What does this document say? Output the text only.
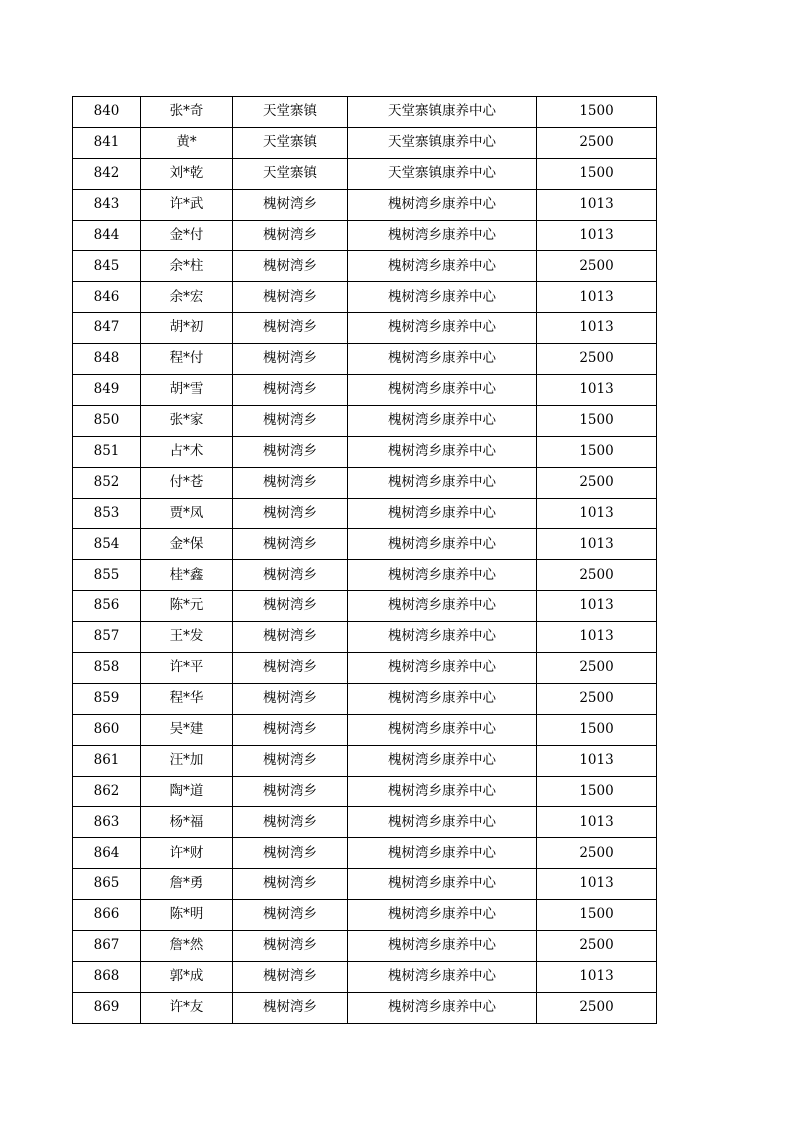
840	张*奇	天堂寨镇	天堂寨镇康养中心	1500
841	黄*	天堂寨镇	天堂寨镇康养中心	2500
842	刘*乾	天堂寨镇	天堂寨镇康养中心	1500
843	许*武	槐树湾乡	槐树湾乡康养中心	1013
844	金*付	槐树湾乡	槐树湾乡康养中心	1013
845	余*柱	槐树湾乡	槐树湾乡康养中心	2500
846	余*宏	槐树湾乡	槐树湾乡康养中心	1013
847	胡*初	槐树湾乡	槐树湾乡康养中心	1013
848	程*付	槐树湾乡	槐树湾乡康养中心	2500
849	胡*雪	槐树湾乡	槐树湾乡康养中心	1013
850	张*家	槐树湾乡	槐树湾乡康养中心	1500
851	占*术	槐树湾乡	槐树湾乡康养中心	1500
852	付*苍	槐树湾乡	槐树湾乡康养中心	2500
853	贾*凤	槐树湾乡	槐树湾乡康养中心	1013
854	金*保	槐树湾乡	槐树湾乡康养中心	1013
855	桂*鑫	槐树湾乡	槐树湾乡康养中心	2500
856	陈*元	槐树湾乡	槐树湾乡康养中心	1013
857	王*发	槐树湾乡	槐树湾乡康养中心	1013
858	许*平	槐树湾乡	槐树湾乡康养中心	2500
859	程*华	槐树湾乡	槐树湾乡康养中心	2500
860	吴*建	槐树湾乡	槐树湾乡康养中心	1500
861	汪*加	槐树湾乡	槐树湾乡康养中心	1013
862	陶*道	槐树湾乡	槐树湾乡康养中心	1500
863	杨*福	槐树湾乡	槐树湾乡康养中心	1013
864	许*财	槐树湾乡	槐树湾乡康养中心	2500
865	詹*勇	槐树湾乡	槐树湾乡康养中心	1013
866	陈*明	槐树湾乡	槐树湾乡康养中心	1500
867	詹*然	槐树湾乡	槐树湾乡康养中心	2500
868	郭*成	槐树湾乡	槐树湾乡康养中心	1013
869	许*友	槐树湾乡	槐树湾乡康养中心	2500
